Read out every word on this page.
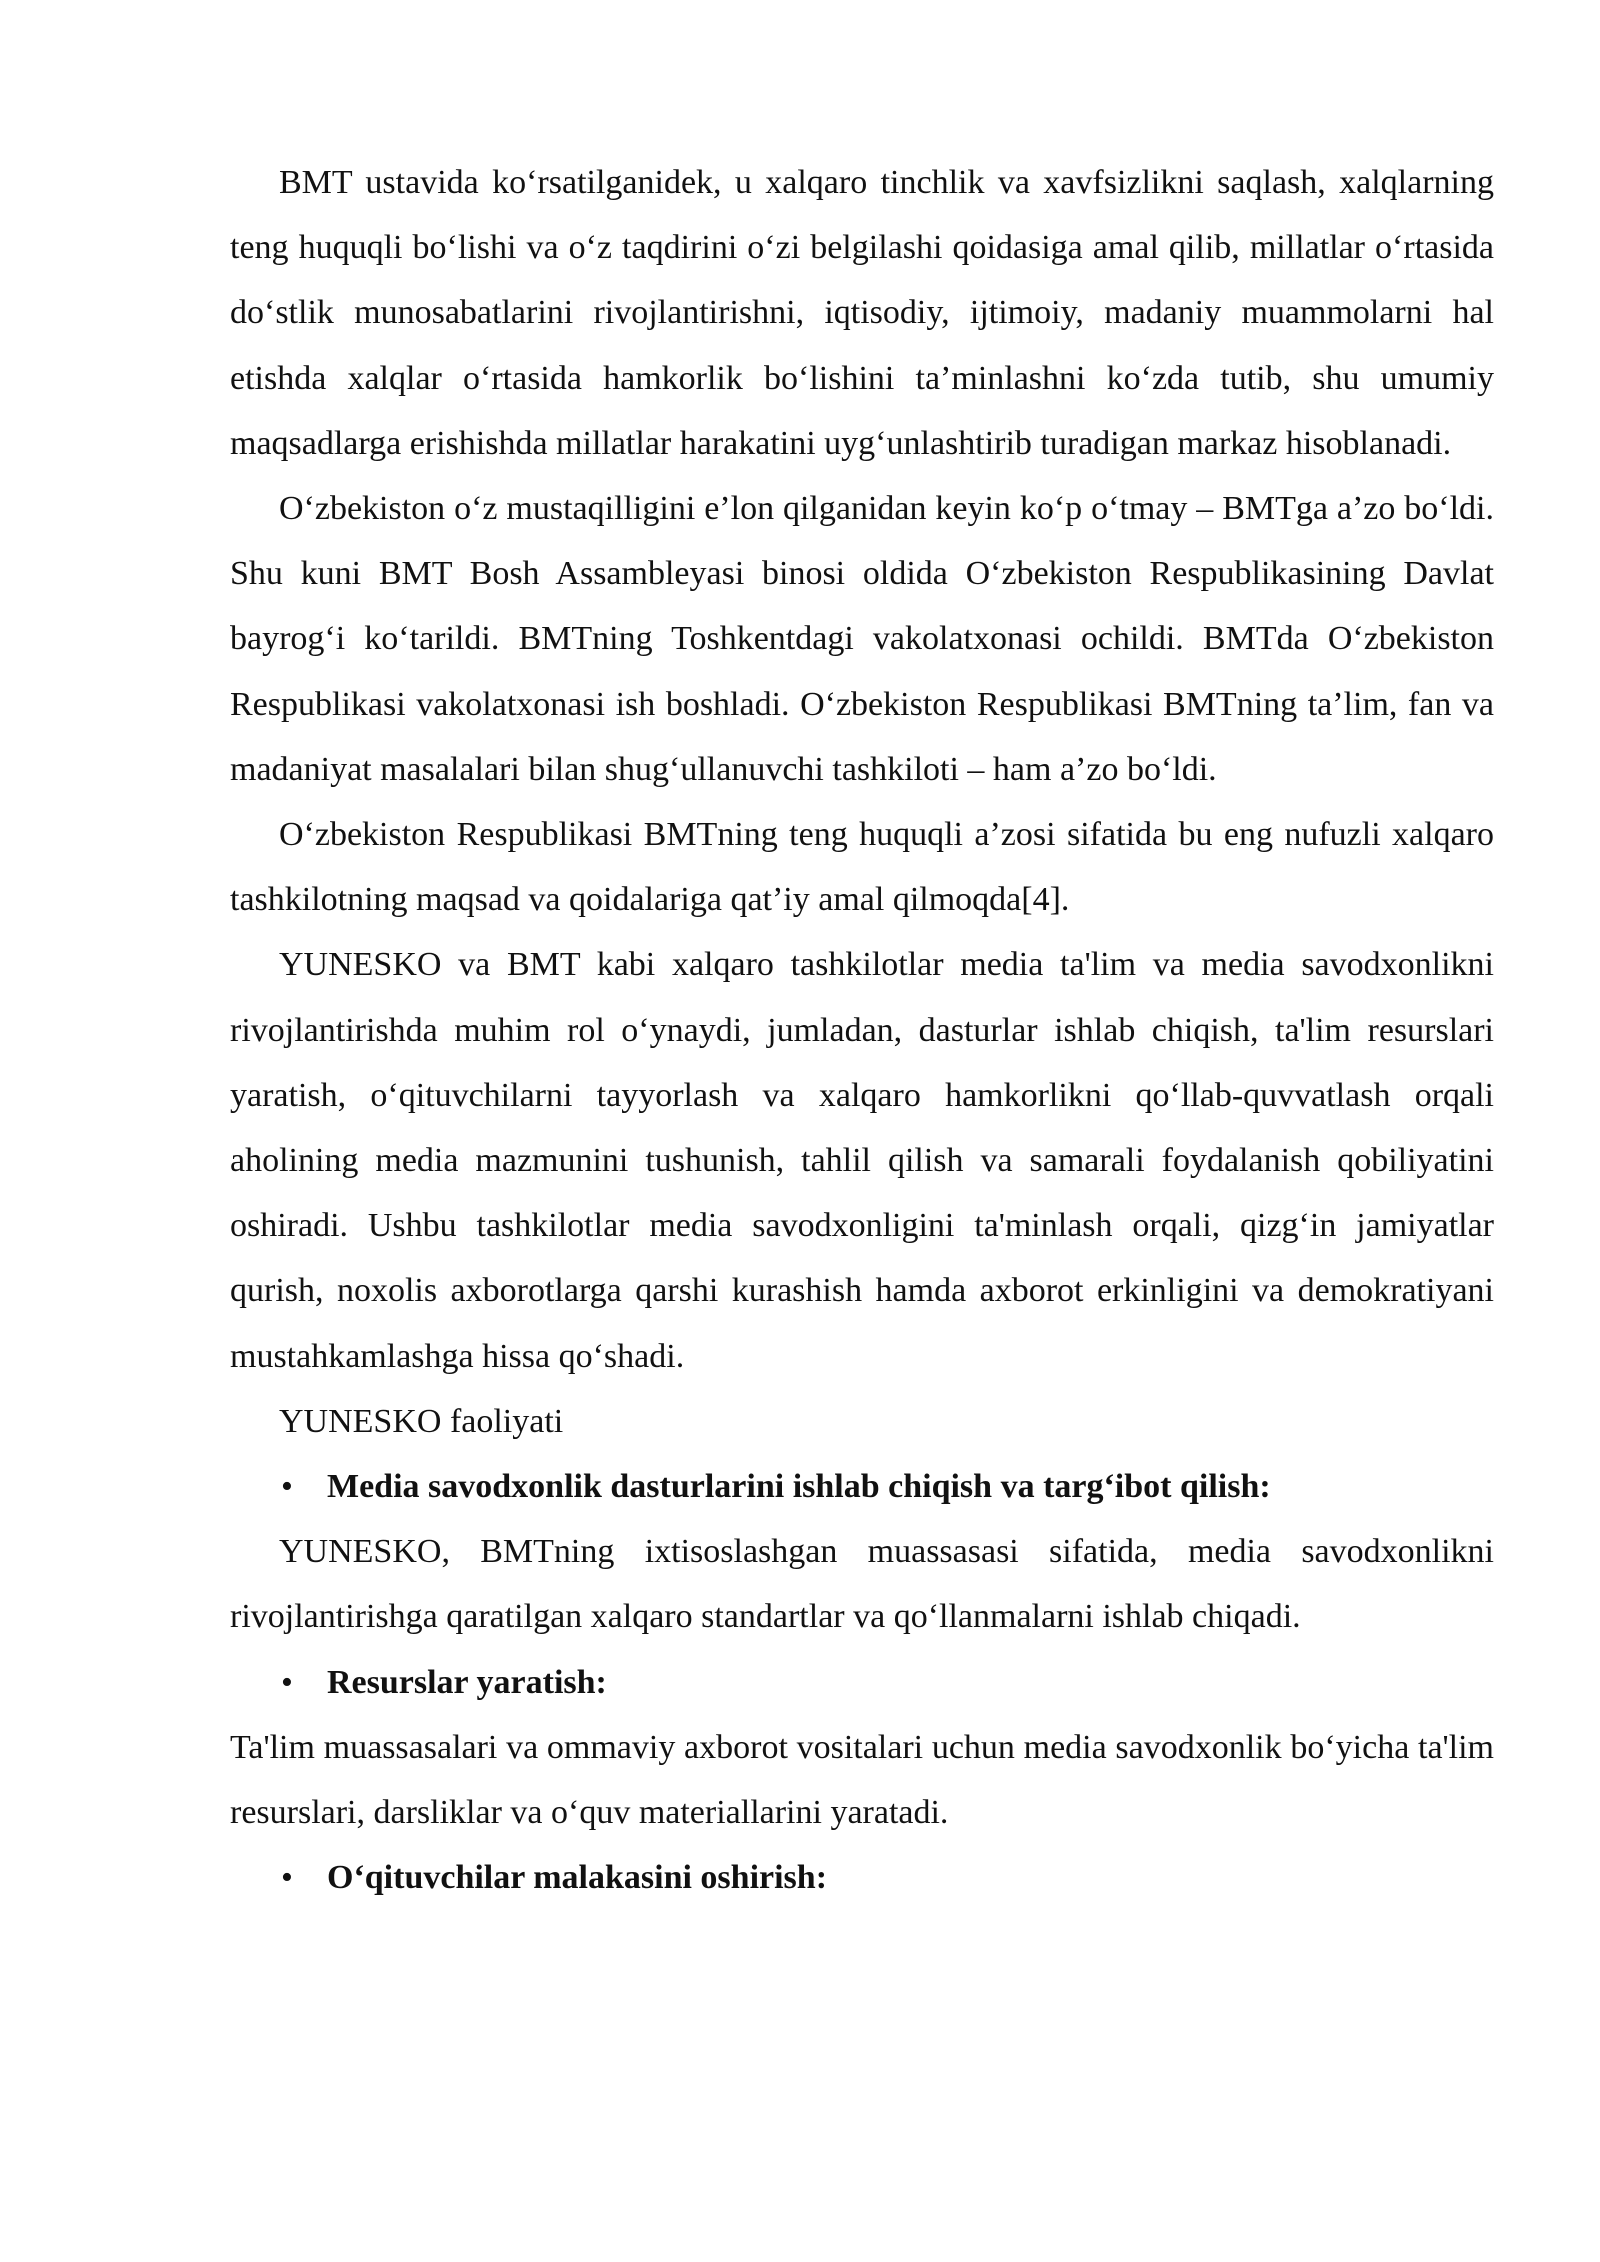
BMT ustavida ko‘rsatilganidek, u xalqaro tinchlik va xavfsizlikni saqlash, xalqlarning teng huquqli bo‘lishi va o‘z taqdirini o‘zi belgilashi qoidasiga amal qilib, millatlar o‘rtasida do‘stlik munosabatlarini rivojlantirishni, iqtisodiy, ijtimoiy, madaniy muammolarni hal etishda xalqlar o‘rtasida hamkorlik bo‘lishini ta’minlashni ko‘zda tutib, shu umumiy maqsadlarga erishishda millatlar harakatini uyg‘unlashtirib turadigan markaz hisoblanadi.

O‘zbekiston o‘z mustaqilligini e’lon qilganidan keyin ko‘p o‘tmay – BMTga a’zo bo‘ldi. Shu kuni BMT Bosh Assambleyasi binosi oldida O‘zbekiston Respublikasining Davlat bayrog‘i ko‘tarildi. BMTning Toshkentdagi vakolatxonasi ochildi. BMTda O‘zbekiston Respublikasi vakolatxonasi ish boshladi. O‘zbekiston Respublikasi BMTning ta’lim, fan va madaniyat masalalari bilan shug‘ullanuvchi tashkiloti – ham a’zo bo‘ldi.

O‘zbekiston Respublikasi BMTning teng huquqli a’zosi sifatida bu eng nufuzli xalqaro tashkilotning maqsad va qoidalariga qat’iy amal qilmoqda[4].

YUNESKO va BMT kabi xalqaro tashkilotlar media ta'lim va media savodxonlikni rivojlantirishda muhim rol o‘ynaydi, jumladan, dasturlar ishlab chiqish, ta'lim resurslari yaratish, o‘qituvchilarni tayyorlash va xalqaro hamkorlikni qo‘llab-quvvatlash orqali aholining media mazmunini tushunish, tahlil qilish va samarali foydalanish qobiliyatini oshiradi. Ushbu tashkilotlar media savodxonligini ta'minlash orqali, qizg‘in jamiyatlar qurish, noxolis axborotlarga qarshi kurashish hamda axborot erkinligini va demokratiyani mustahkamlashga hissa qo‘shadi.

YUNESKO faoliyati

• Media savodxonlik dasturlarini ishlab chiqish va targ‘ibot qilish:

YUNESKO, BMTning ixtisoslashgan muassasasi sifatida, media savodxonlikni rivojlantirishga qaratilgan xalqaro standartlar va qo‘llanmalarni ishlab chiqadi.

• Resurslar yaratish:

Ta'lim muassasalari va ommaviy axborot vositalari uchun media savodxonlik bo‘yicha ta'lim resurslari, darsliklar va o‘quv materiallarini yaratadi.

• O‘qituvchilar malakasini oshirish:
